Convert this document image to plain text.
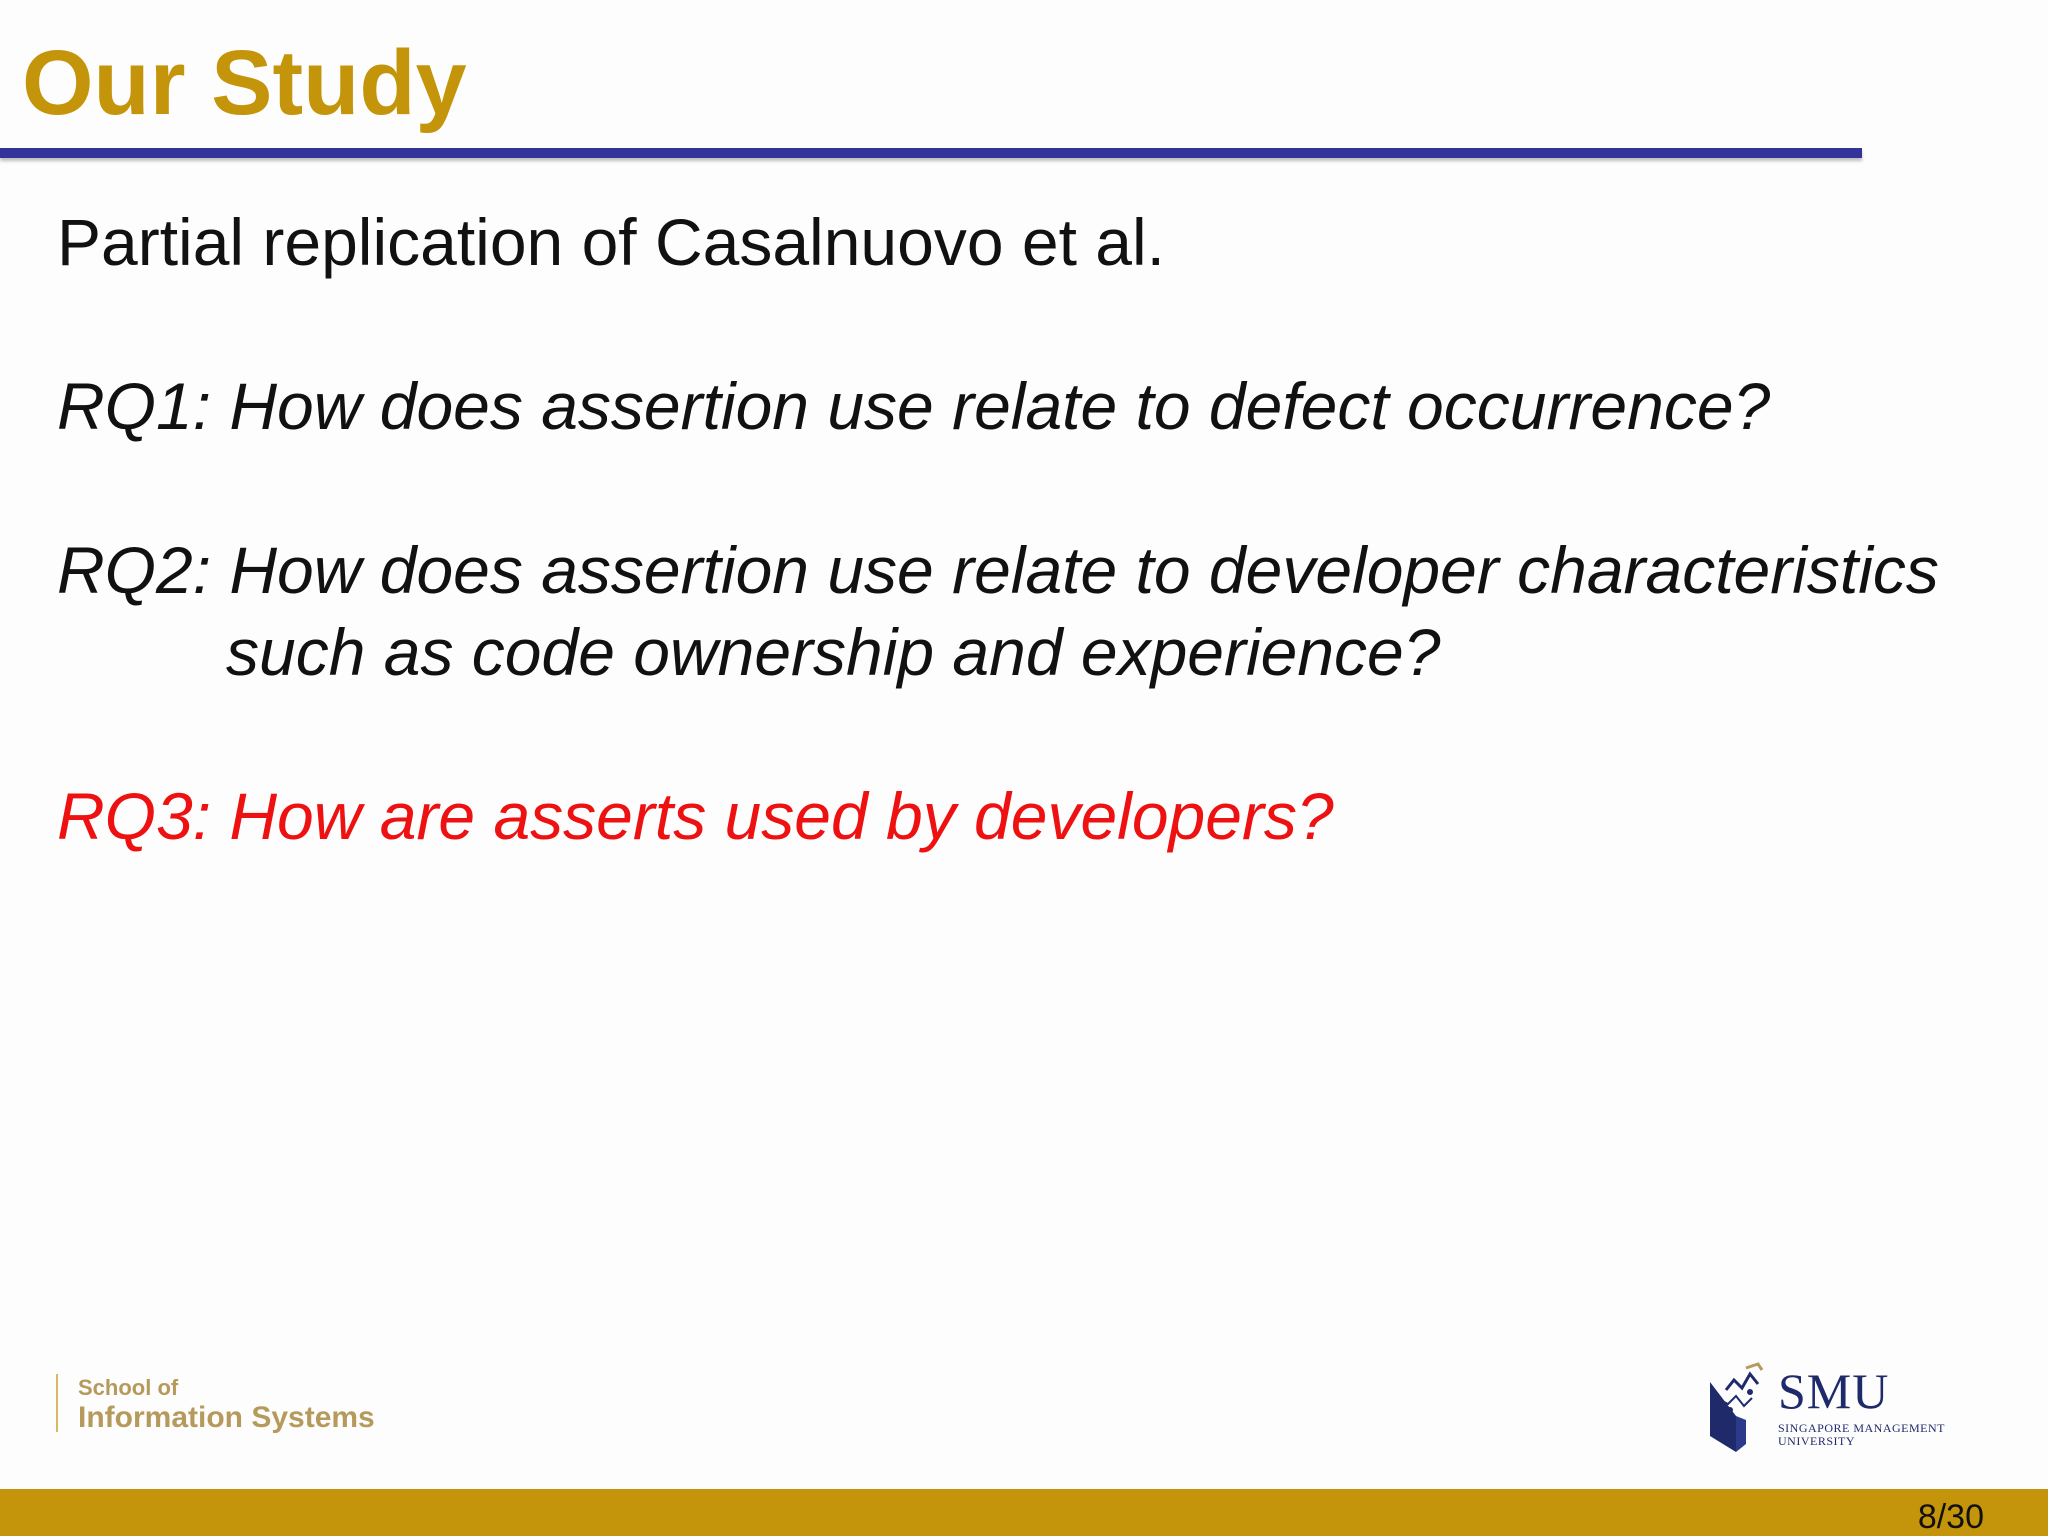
Our Study
Partial replication of Casalnuovo et al.
RQ1: How does assertion use relate to defect occurrence?
RQ2: How does assertion use relate to developer characteristics
such as code ownership and experience?
RQ3: How are asserts used by developers?
School of
Information Systems	SMU
SINGAPORE MANAGEMENT
UNIVERSITY
8/30
